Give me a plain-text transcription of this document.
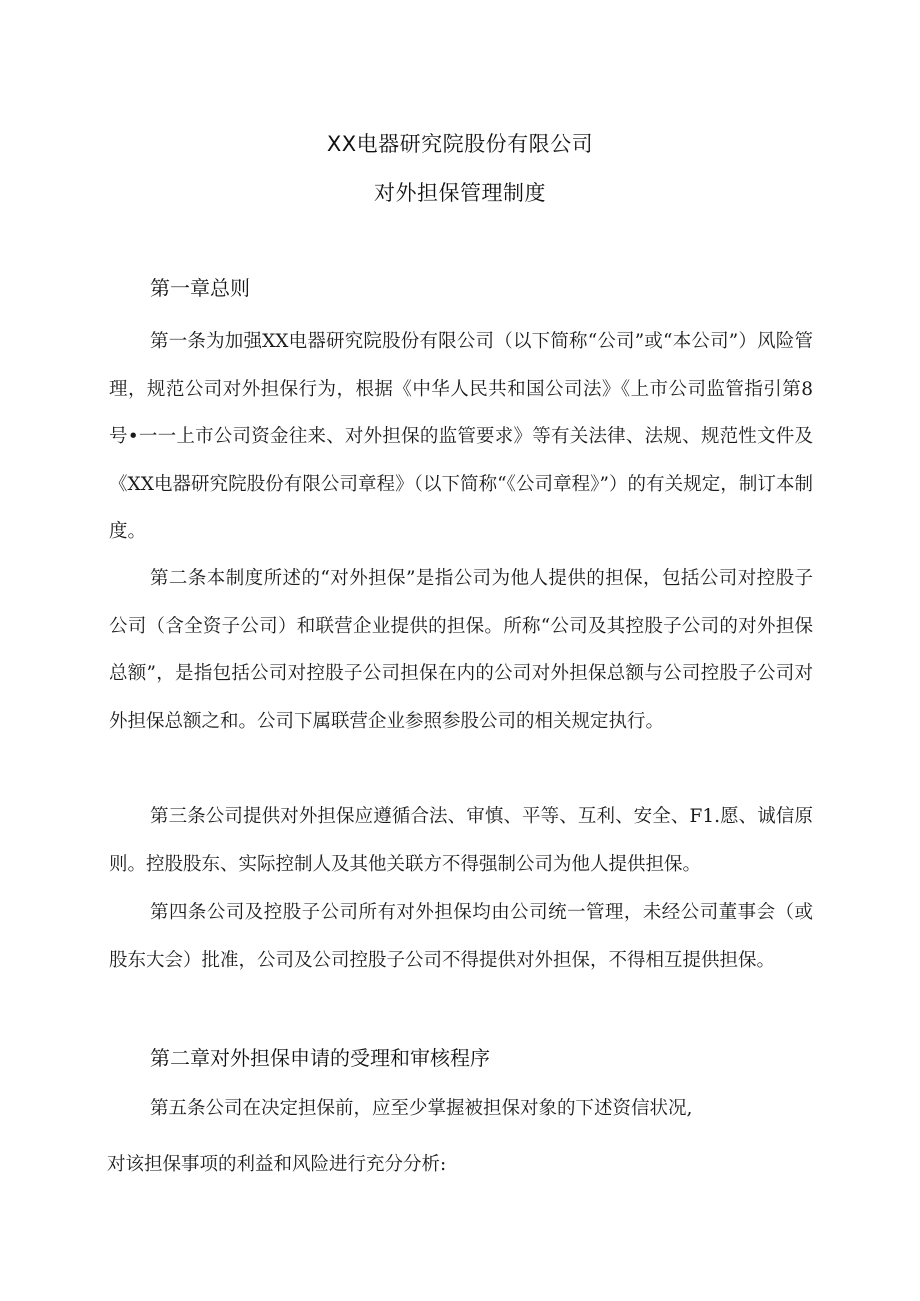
XX电器研究院股份有限公司
对外担保管理制度
第一章总则

第一条为加强XX电器研究院股份有限公司（以下简称“公司”或“本公司”）风险管理，规范公司对外担保行为，根据《中华人民共和国公司法》《上市公司监管指引第8号•一一上市公司资金往来、对外担保的监管要求》等有关法律、法规、规范性文件及《XX电器研究院股份有限公司章程》（以下简称“《公司章程》”）的有关规定，制订本制度。

第二条本制度所述的“对外担保”是指公司为他人提供的担保，包括公司对控股子公司（含全资子公司）和联营企业提供的担保。所称“公司及其控股子公司的对外担保总额”，是指包括公司对控股子公司担保在内的公司对外担保总额与公司控股子公司对外担保总额之和。公司下属联营企业参照参股公司的相关规定执行。

第三条公司提供对外担保应遵循合法、审慎、平等、互利、安全、F1.愿、诚信原则。控股股东、实际控制人及其他关联方不得强制公司为他人提供担保。

第四条公司及控股子公司所有对外担保均由公司统一管理，未经公司董事会（或股东大会）批准，公司及公司控股子公司不得提供对外担保，不得相互提供担保。

第二章对外担保申请的受理和审核程序
第五条公司在决定担保前，应至少掌握被担保对象的下述资信状况,
对该担保事项的利益和风险进行充分分析:
